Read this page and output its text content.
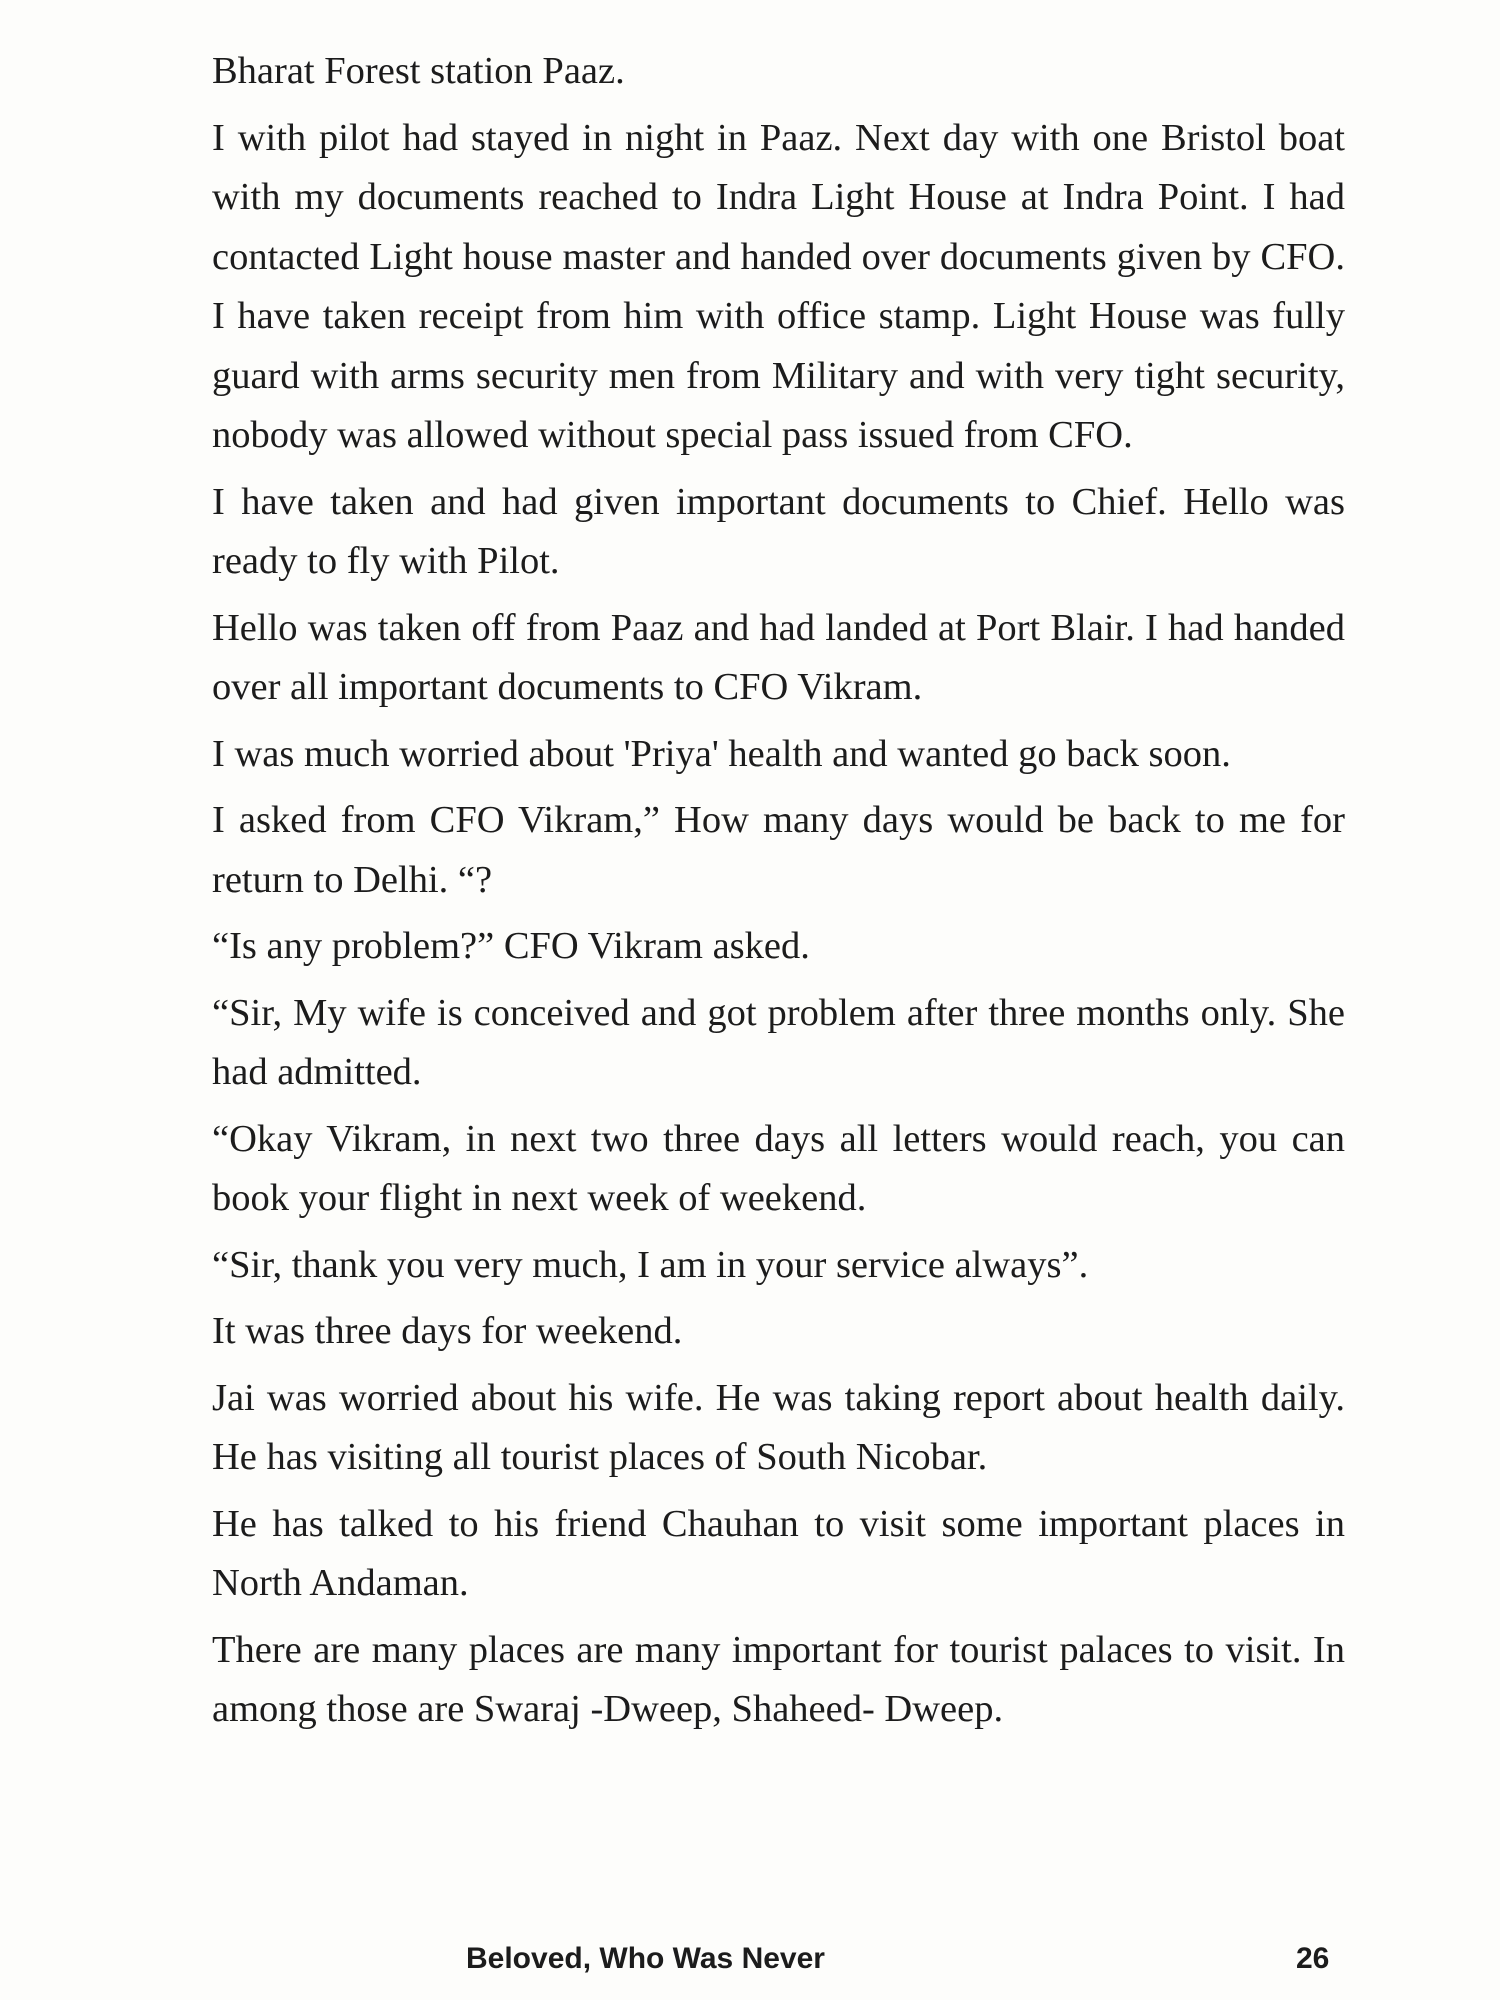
Bharat Forest station Paaz.

I with pilot had stayed in night in Paaz. Next day with one Bristol boat with my documents reached to Indra Light House at Indra Point. I had contacted Light house master and handed over documents given by CFO. I have taken receipt from him with office stamp. Light House was fully guard with arms security men from Military and with very tight security, nobody was allowed without special pass issued from CFO.

I have taken and had given important documents to Chief. Hello was ready to fly with Pilot.

Hello was taken off from Paaz and had landed at Port Blair. I had handed over all important documents to CFO Vikram.

I was much worried about 'Priya' health and wanted go back soon.

I asked from CFO Vikram,” How many days would be back to me for return to Delhi. “?

“Is any problem?” CFO Vikram asked.

“Sir, My wife is conceived and got problem after three months only. She had admitted.

“Okay Vikram, in next two three days all letters would reach, you can book your flight in next week of weekend.

“Sir, thank you very much, I am in your service always”.

It was three days for weekend.

Jai was worried about his wife. He was taking report about health daily. He has visiting all tourist places of South Nicobar.

He has talked to his friend Chauhan to visit some important places in North Andaman.

There are many places are many important for tourist palaces to visit. In among those are Swaraj -Dweep, Shaheed- Dweep.

Beloved, Who Was Never	26
